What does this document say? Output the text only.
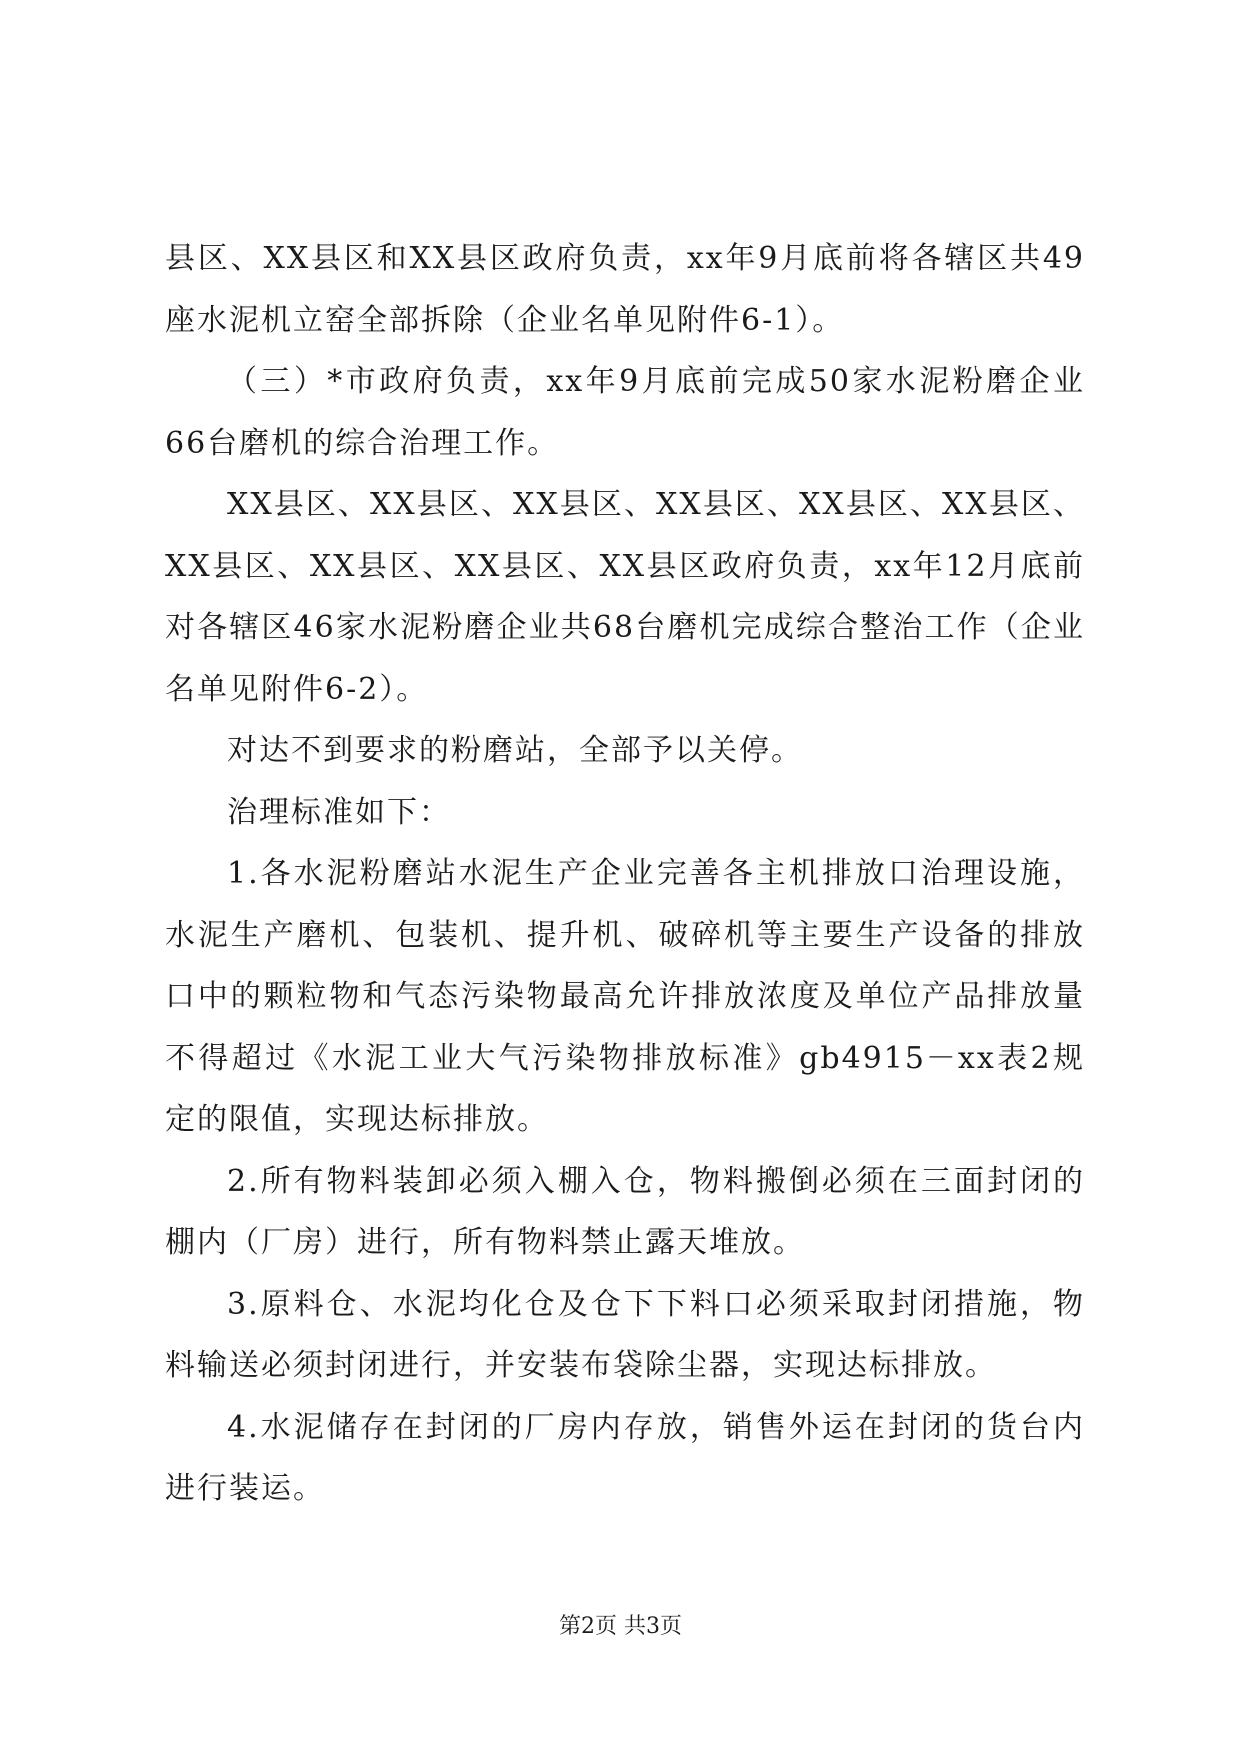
县区、XX县区和XX县区政府负责，xx年9月底前将各辖区共49座水泥机立窑全部拆除（企业名单见附件6-1）。

（三）*市政府负责，xx年9月底前完成50家水泥粉磨企业66台磨机的综合治理工作。

XX县区、XX县区、XX县区、XX县区、XX县区、XX县区、XX县区、XX县区、XX县区、XX县区政府负责，xx年12月底前对各辖区46家水泥粉磨企业共68台磨机完成综合整治工作（企业名单见附件6-2）。

对达不到要求的粉磨站，全部予以关停。

治理标准如下：

1.各水泥粉磨站水泥生产企业完善各主机排放口治理设施，水泥生产磨机、包装机、提升机、破碎机等主要生产设备的排放口中的颗粒物和气态污染物最高允许排放浓度及单位产品排放量不得超过《水泥工业大气污染物排放标准》gb4915－xx表2规定的限值，实现达标排放。

2.所有物料装卸必须入棚入仓，物料搬倒必须在三面封闭的棚内（厂房）进行，所有物料禁止露天堆放。

3.原料仓、水泥均化仓及仓下下料口必须采取封闭措施，物料输送必须封闭进行，并安装布袋除尘器，实现达标排放。

4.水泥储存在封闭的厂房内存放，销售外运在封闭的货台内进行装运。

第2页 共3页
